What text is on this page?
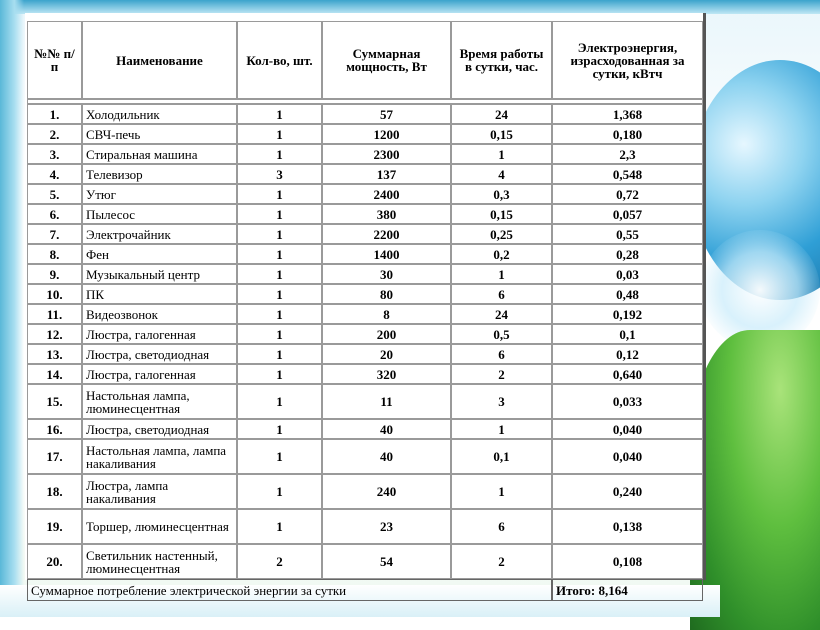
№№ п/п	Наименование	Кол-во, шт.	Суммарная мощность, Вт	Время работы в сутки, час.	Электроэнергия, израсходованная за сутки, кВтч

1.	Холодильник	1	57	24	1,368
2.	СВЧ-печь	1	1200	0,15	0,180
3.	Стиральная машина	1	2300	1	2,3
4.	Телевизор	3	137	4	0,548
5.	Утюг	1	2400	0,3	0,72
6.	Пылесос	1	380	0,15	0,057
7.	Электрочайник	1	2200	0,25	0,55
8.	Фен	1	1400	0,2	0,28
9.	Музыкальный центр	1	30	1	0,03
10.	ПК	1	80	6	0,48
11.	Видеозвонок	1	8	24	0,192
12.	Люстра, галогенная	1	200	0,5	0,1
13.	Люстра, светодиодная	1	20	6	0,12
14.	Люстра, галогенная	1	320	2	0,640
15.	Настольная лампа, люминесцентная	1	11	3	0,033
16.	Люстра, светодиодная	1	40	1	0,040
17.	Настольная лампа, лампа накаливания	1	40	0,1	0,040
18.	Люстра, лампа накаливания	1	240	1	0,240
19.	Торшер, люминесцентная	1	23	6	0,138
20.	Светильник настенный, люминесцентная	2	54	2	0,108
Суммарное потребление электрической энергии за сутки					Итого: 8,164
